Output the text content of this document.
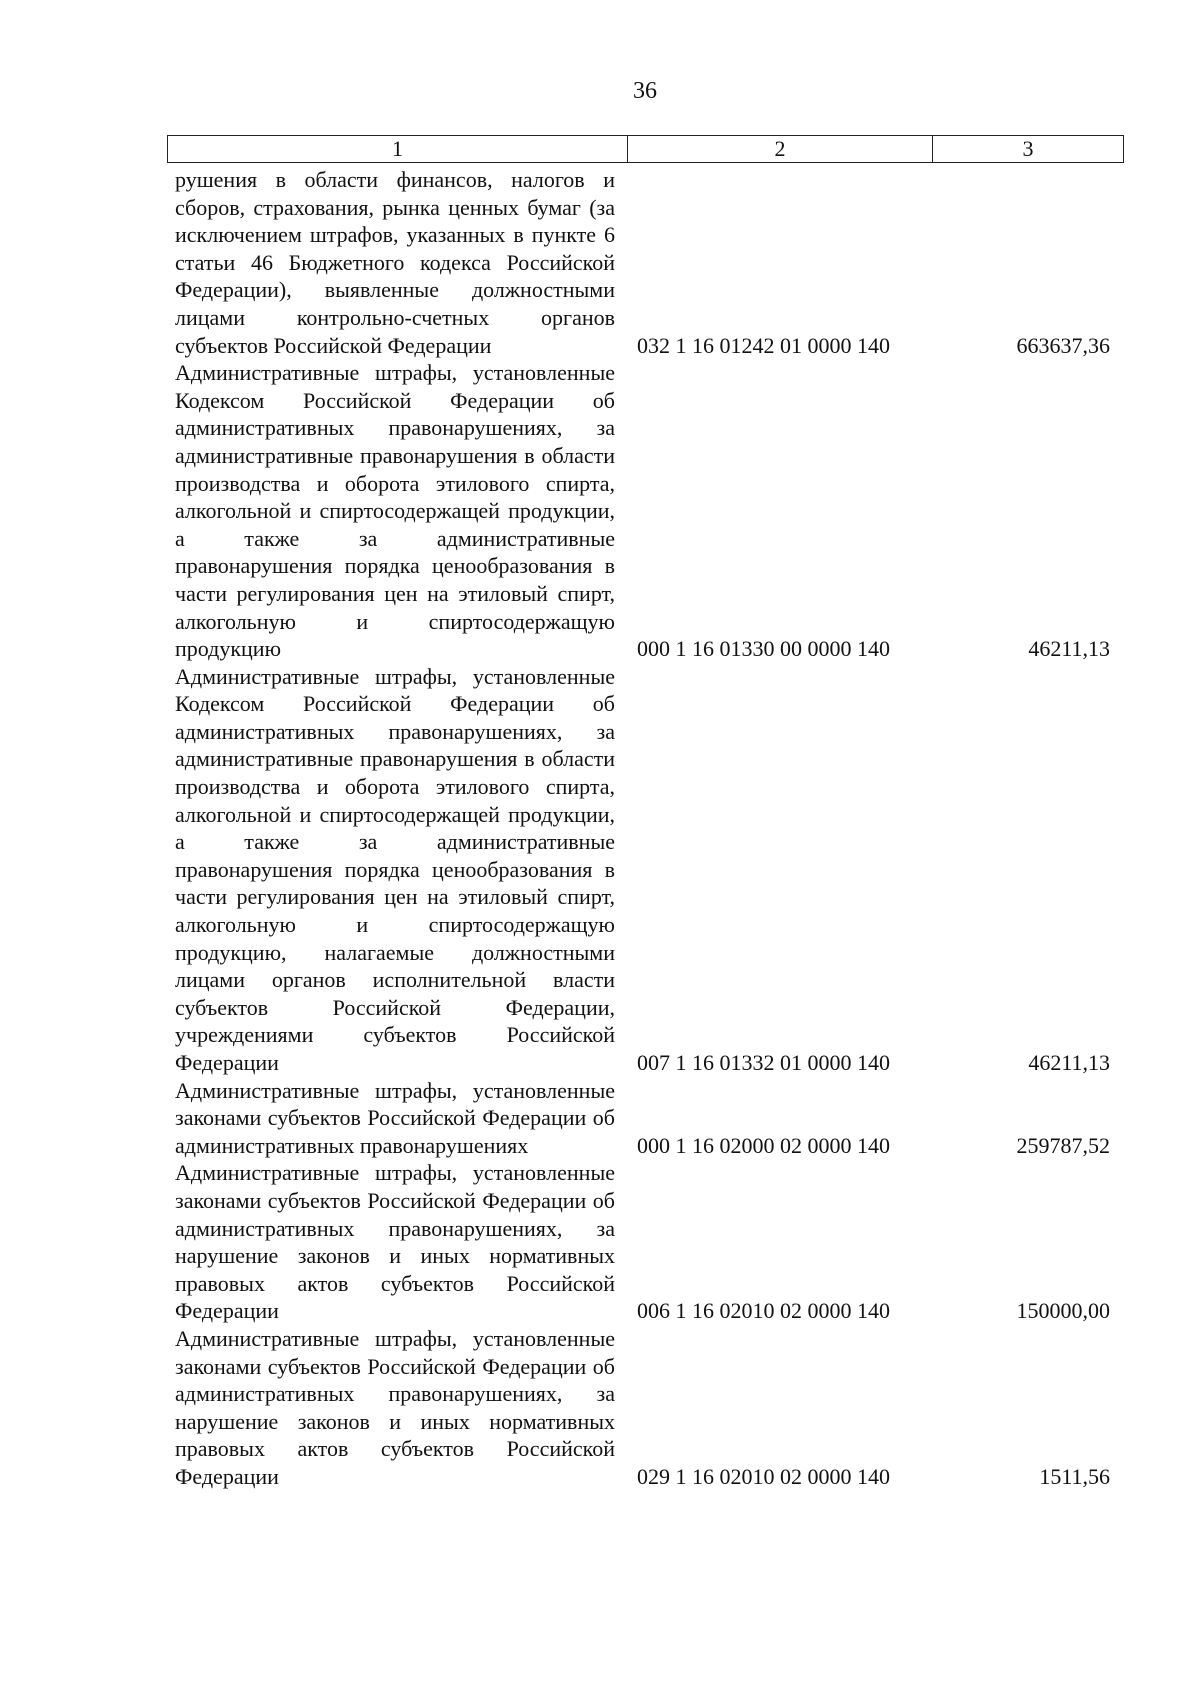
36
1	2	3

рушения в области финансов, налогов и сборов, страхования, рынка ценных бумаг (за исключением штрафов, указанных в пункте 6 статьи 46 Бюджетного кодекса Российской Федерации), выявленные должностными лицами контрольно-счетных органов субъектов Российской Федерации	032 1 16 01242 01 0000 140	663637,36

Административные штрафы, установленные Кодексом Российской Федерации об административных правонарушениях, за административные правонарушения в области производства и оборота этилового спирта, алкогольной и спиртосодержащей продукции, а также за административные правонарушения порядка ценообразования в части регулирования цен на этиловый спирт, алкогольную и спиртосодержащую продукцию	000 1 16 01330 00 0000 140	46211,13

Административные штрафы, установленные Кодексом Российской Федерации об административных правонарушениях, за административные правонарушения в области производства и оборота этилового спирта, алкогольной и спиртосодержащей продукции, а также за административные правонарушения порядка ценообразования в части регулирования цен на этиловый спирт, алкогольную и спиртосодержащую продукцию, налагаемые должностными лицами органов исполнительной власти субъектов Российской Федерации, учреждениями субъектов Российской Федерации	007 1 16 01332 01 0000 140	46211,13

Административные штрафы, установленные законами субъектов Российской Федерации об административных правонарушениях	000 1 16 02000 02 0000 140	259787,52

Административные штрафы, установленные законами субъектов Российской Федерации об административных правонарушениях, за нарушение законов и иных нормативных правовых актов субъектов Российской Федерации	006 1 16 02010 02 0000 140	150000,00

Административные штрафы, установленные законами субъектов Российской Федерации об административных правонарушениях, за нарушение законов и иных нормативных правовых актов субъектов Российской Федерации	029 1 16 02010 02 0000 140	1511,56
